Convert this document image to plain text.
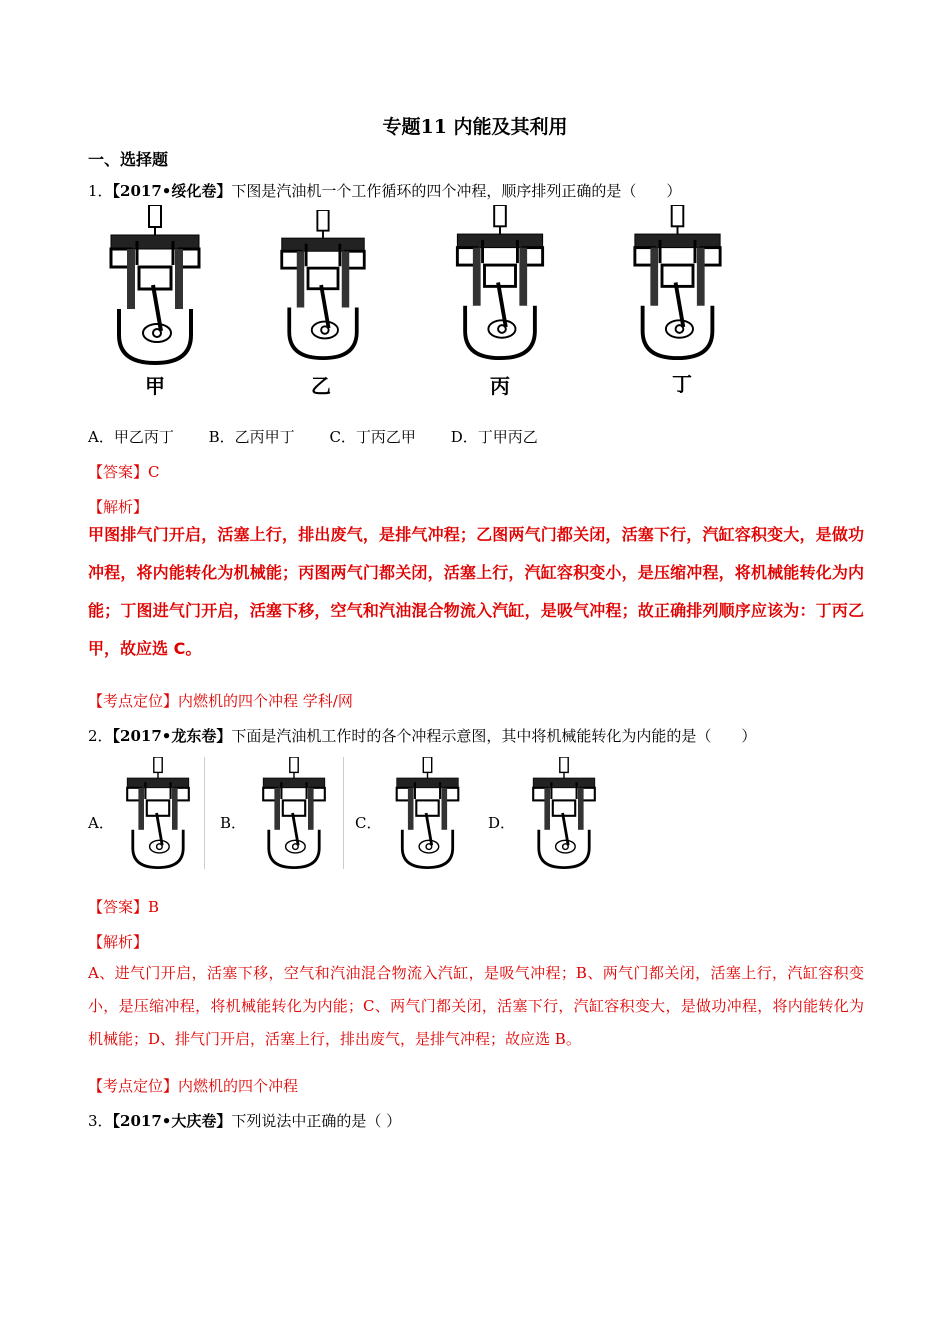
专题11 内能及其利用
一、选择题
1．【2017•绥化卷】下图是汽油机一个工作循环的四个冲程，顺序排列正确的是（　　）
甲	乙	丙	丁
A．甲乙丙丁 B．乙丙甲丁 C．丁丙乙甲 D．丁甲丙乙
【答案】C
【解析】
甲图排气门开启，活塞上行，排出废气，是排气冲程；乙图两气门都关闭，活塞下行，汽缸容积变大，是做功冲程，将内能转化为机械能；丙图两气门都关闭，活塞上行，汽缸容积变小，是压缩冲程，将机械能转化为内能；丁图进气门开启，活塞下移，空气和汽油混合物流入汽缸，是吸气冲程；故正确排列顺序应该为：丁丙乙甲，故应选 C。
【考点定位】内燃机的四个冲程 学科/网
2．【2017•龙东卷】下面是汽油机工作时的各个冲程示意图，其中将机械能转化为内能的是（　　）
A．	B．	C．	D．
【答案】B
【解析】
A、进气门开启，活塞下移，空气和汽油混合物流入汽缸，是吸气冲程；B、两气门都关闭，活塞上行，汽缸容积变小，是压缩冲程，将机械能转化为内能；C、两气门都关闭，活塞下行，汽缸容积变大，是做功冲程，将内能转化为机械能；D、排气门开启，活塞上行，排出废气，是排气冲程；故应选 B。
【考点定位】内燃机的四个冲程
3．【2017•大庆卷】下列说法中正确的是（ ）
